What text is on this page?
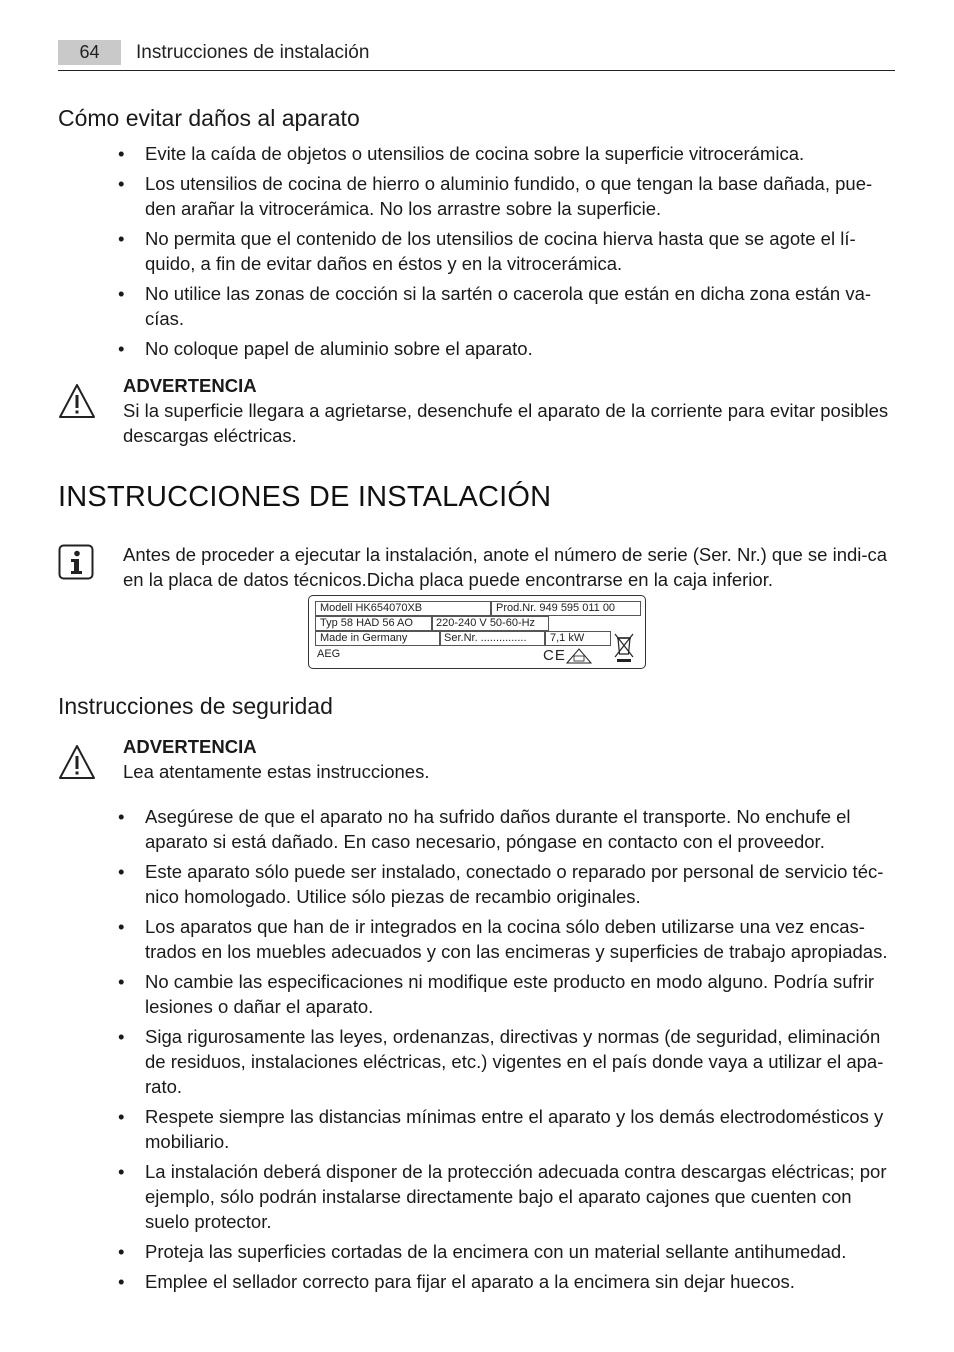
64	Instrucciones de instalación
Cómo evitar daños al aparato
• Evite la caída de objetos o utensilios de cocina sobre la superficie vitrocerámica.
• Los utensilios de cocina de hierro o aluminio fundido, o que tengan la base dañada, pue-den arañar la vitrocerámica. No los arrastre sobre la superficie.
• No permita que el contenido de los utensilios de cocina hierva hasta que se agote el lí-quido, a fin de evitar daños en éstos y en la vitrocerámica.
• No utilice las zonas de cocción si la sartén o cacerola que están en dicha zona están va-cías.
• No coloque papel de aluminio sobre el aparato.
ADVERTENCIA
Si la superficie llegara a agrietarse, desenchufe el aparato de la corriente para evitar posibles descargas eléctricas.
INSTRUCCIONES DE INSTALACIÓN
Antes de proceder a ejecutar la instalación, anote el número de serie (Ser. Nr.) que se indi-ca en la placa de datos técnicos.Dicha placa puede encontrarse en la caja inferior.
Modell HK654070XB	Prod.Nr. 949 595 011 00
Typ 58 HAD 56 AO	220-240 V 50-60-Hz
Made in Germany	Ser.Nr. ...............	7,1 kW
AEG	CE
Instrucciones de seguridad
ADVERTENCIA
Lea atentamente estas instrucciones.
• Asegúrese de que el aparato no ha sufrido daños durante el transporte. No enchufe el aparato si está dañado. En caso necesario, póngase en contacto con el proveedor.
• Este aparato sólo puede ser instalado, conectado o reparado por personal de servicio téc-nico homologado. Utilice sólo piezas de recambio originales.
• Los aparatos que han de ir integrados en la cocina sólo deben utilizarse una vez encas-trados en los muebles adecuados y con las encimeras y superficies de trabajo apropiadas.
• No cambie las especificaciones ni modifique este producto en modo alguno. Podría sufrir lesiones o dañar el aparato.
• Siga rigurosamente las leyes, ordenanzas, directivas y normas (de seguridad, eliminación de residuos, instalaciones eléctricas, etc.) vigentes en el país donde vaya a utilizar el apa-rato.
• Respete siempre las distancias mínimas entre el aparato y los demás electrodomésticos y mobiliario.
• La instalación deberá disponer de la protección adecuada contra descargas eléctricas; por ejemplo, sólo podrán instalarse directamente bajo el aparato cajones que cuenten con suelo protector.
• Proteja las superficies cortadas de la encimera con un material sellante antihumedad.
• Emplee el sellador correcto para fijar el aparato a la encimera sin dejar huecos.
